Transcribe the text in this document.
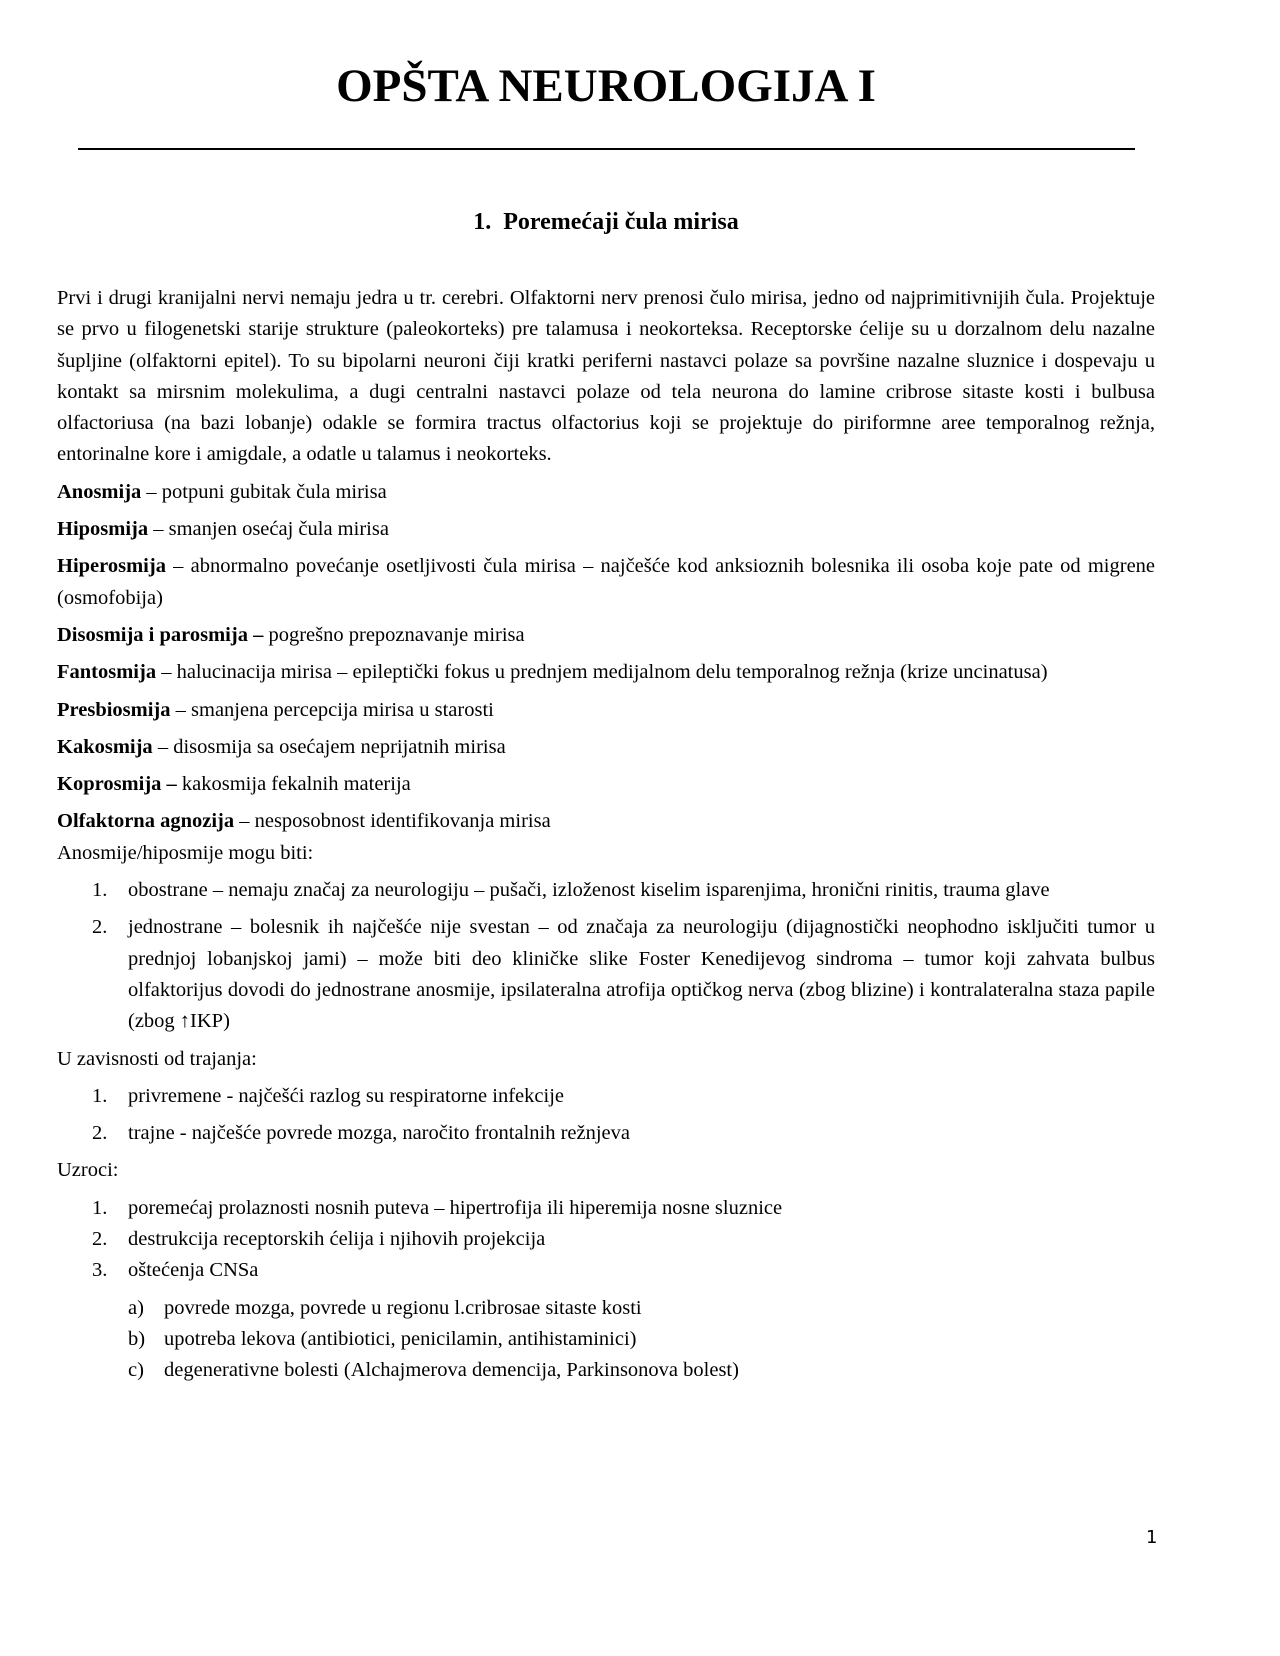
OPŠTA NEUROLOGIJA I
1. Poremećaji čula mirisa

Prvi i drugi kranijalni nervi nemaju jedra u tr. cerebri. Olfaktorni nerv prenosi čulo mirisa, jedno od najprimitivnijih čula. Projektuje se prvo u filogenetski starije strukture (paleokorteks) pre talamusa i neokorteksa. Receptorske ćelije su u dorzalnom delu nazalne šupljine (olfaktorni epitel). To su bipolarni neuroni čiji kratki periferni nastavci polaze sa površine nazalne sluznice i dospevaju u kontakt sa mirsnim molekulima, a dugi centralni nastavci polaze od tela neurona do lamine cribrose sitaste kosti i bulbusa olfactoriusa (na bazi lobanje) odakle se formira tractus olfactorius koji se projektuje do piriformne aree temporalnog režnja, entorinalne kore i amigdale, a odatle u talamus i neokorteks.

Anosmija – potpuni gubitak čula mirisa

Hiposmija – smanjen osećaj čula mirisa

Hiperosmija – abnormalno povećanje osetljivosti čula mirisa – najčešće kod anksioznih bolesnika ili osoba koje pate od migrene (osmofobija)

Disosmija i parosmija – pogrešno prepoznavanje mirisa

Fantosmija – halucinacija mirisa – epileptički fokus u prednjem medijalnom delu temporalnog režnja (krize uncinatusa)

Presbiosmija – smanjena percepcija mirisa u starosti

Kakosmija – disosmija sa osećajem neprijatnih mirisa

Koprosmija – kakosmija fekalnih materija

Olfaktorna agnozija – nesposobnost identifikovanja mirisa

Anosmije/hiposmije mogu biti:

1. obostrane – nemaju značaj za neurologiju – pušači, izloženost kiselim isparenjima, hronični rinitis, trauma glave
2. jednostrane – bolesnik ih najčešće nije svestan – od značaja za neurologiju (dijagnostički neophodno isključiti tumor u prednjoj lobanjskoj jami) – može biti deo kliničke slike Foster Kenedijevog sindroma – tumor koji zahvata bulbus olfaktorijus dovodi do jednostrane anosmije, ipsilateralna atrofija optičkog nerva (zbog blizine) i kontralateralna staza papile (zbog ↑IKP)

U zavisnosti od trajanja:

1. privremene - najčešći razlog su respiratorne infekcije
2. trajne - najčešće povrede mozga, naročito frontalnih režnjeva

Uzroci:

1. poremećaj prolaznosti nosnih puteva – hipertrofija ili hiperemija nosne sluznice
2. destrukcija receptorskih ćelija i njihovih projekcija
3. oštećenja CNSa
a) povrede mozga, povrede u regionu l.cribrosae sitaste kosti
b) upotreba lekova (antibiotici, penicilamin, antihistaminici)
c) degenerativne bolesti (Alchajmerova demencija, Parkinsonova bolest)
1
